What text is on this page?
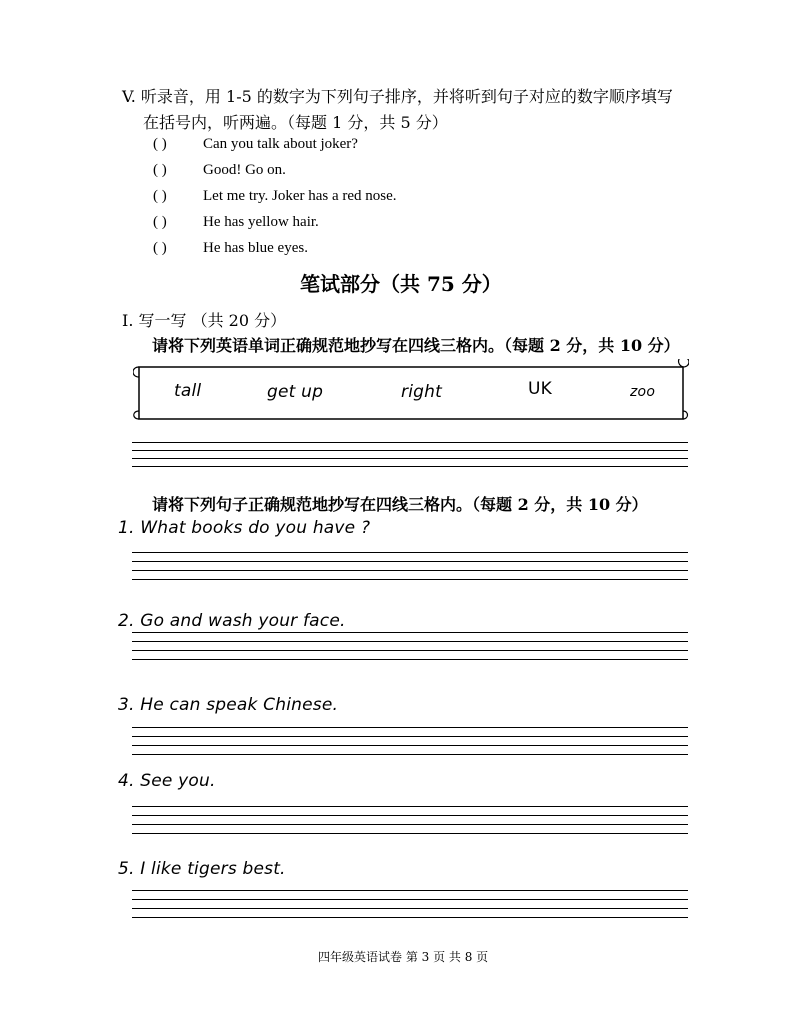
V. 听录音，用 1-5 的数字为下列句子排序，并将听到句子对应的数字顺序填写
在括号内，听两遍。（每题 1 分，共 5 分）
( ) Can you talk about joker?
( ) Good! Go on.
( ) Let me try. Joker has a red nose.
( ) He has yellow hair.
( ) He has blue eyes.
笔试部分（共 75 分）
I. 写一写 （共 20 分）
请将下列英语单词正确规范地抄写在四线三格内。（每题 2 分，共 10 分）
tall	get up	right	UK	zoo
请将下列句子正确规范地抄写在四线三格内。（每题 2 分，共 10 分）
1. What books do you have ?
2. Go and wash your face.
3. He can speak Chinese.
4. See you.
5. I like tigers best.
四年级英语试卷 第 3 页 共 8 页
